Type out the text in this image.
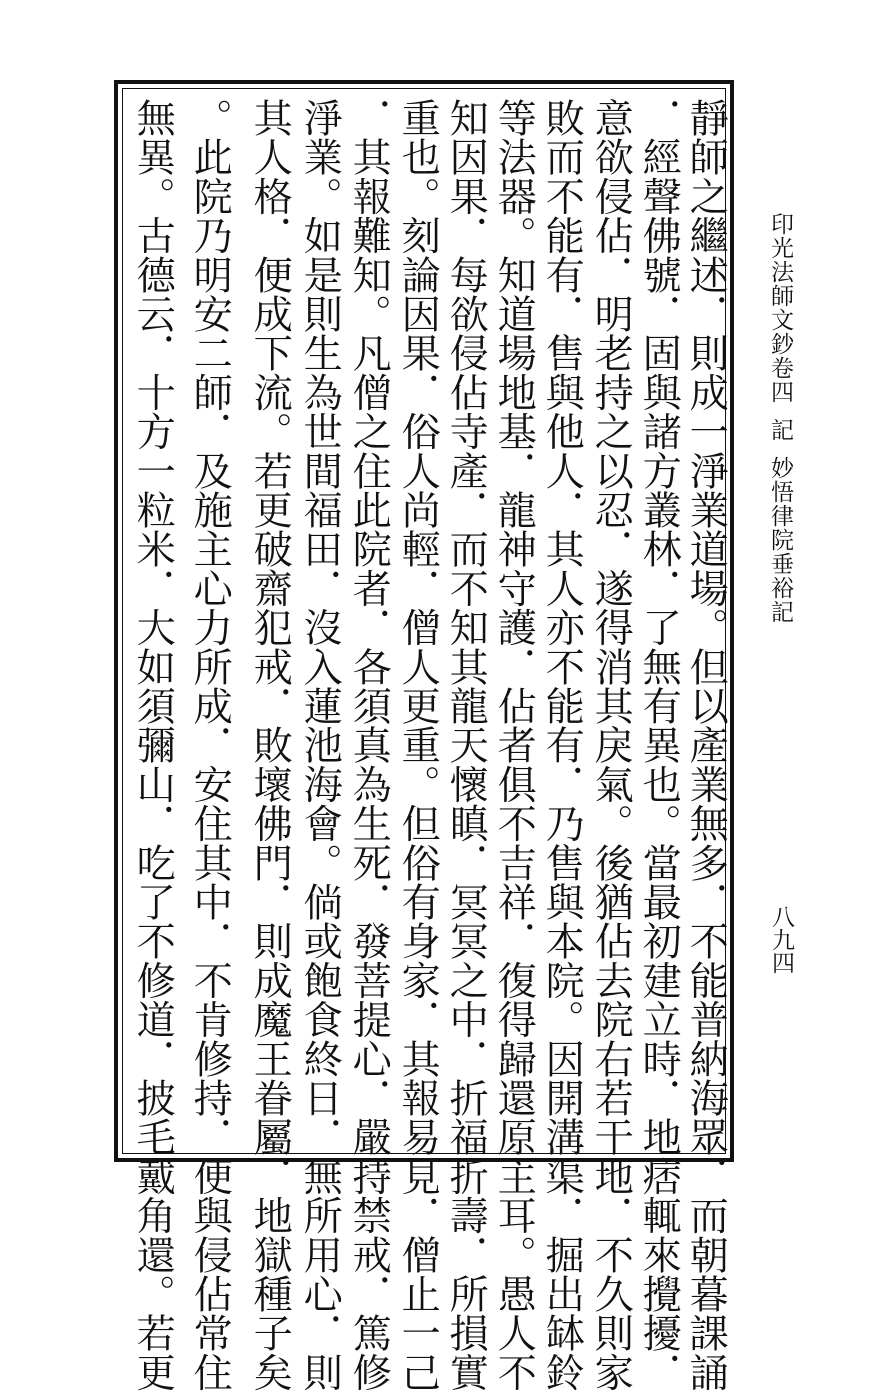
印光法師文鈔卷四記妙悟律院垂裕記
八九四
靜師之繼述．則成一淨業道場。但以產業無多．不能普納海眾．而朝暮課誦
．經聲佛號．固與諸方叢林．了無有異也。當最初建立時．地痞輒來攪擾．
意欲侵佔．明老持之以忍．遂得消其戾氣。後猶佔去院右若干地．不久則家
敗而不能有．售與他人．其人亦不能有．乃售與本院。因開溝渠．掘出缽鈴
等法器。知道場地基．龍神守護．佔者俱不吉祥．復得歸還原主耳。愚人不
知因果．每欲侵佔寺產．而不知其龍天懷瞋．冥冥之中．折福折壽．所損實
重也。刻論因果．俗人尚輕．僧人更重。但俗有身家．其報易見．僧止一己
．其報難知。凡僧之住此院者．各須真為生死．發菩提心．嚴持禁戒．篤修
淨業。如是則生為世間福田．沒入蓮池海會。倘或飽食終日．無所用心．則
其人格．便成下流。若更破齋犯戒．敗壞佛門．則成魔王眷屬．地獄種子矣
。此院乃明安二師．及施主心力所成．安住其中．不肯修持．便與侵佔常住
無異。古德云．十方一粒米．大如須彌山．吃了不修道．披毛戴角還。若更
